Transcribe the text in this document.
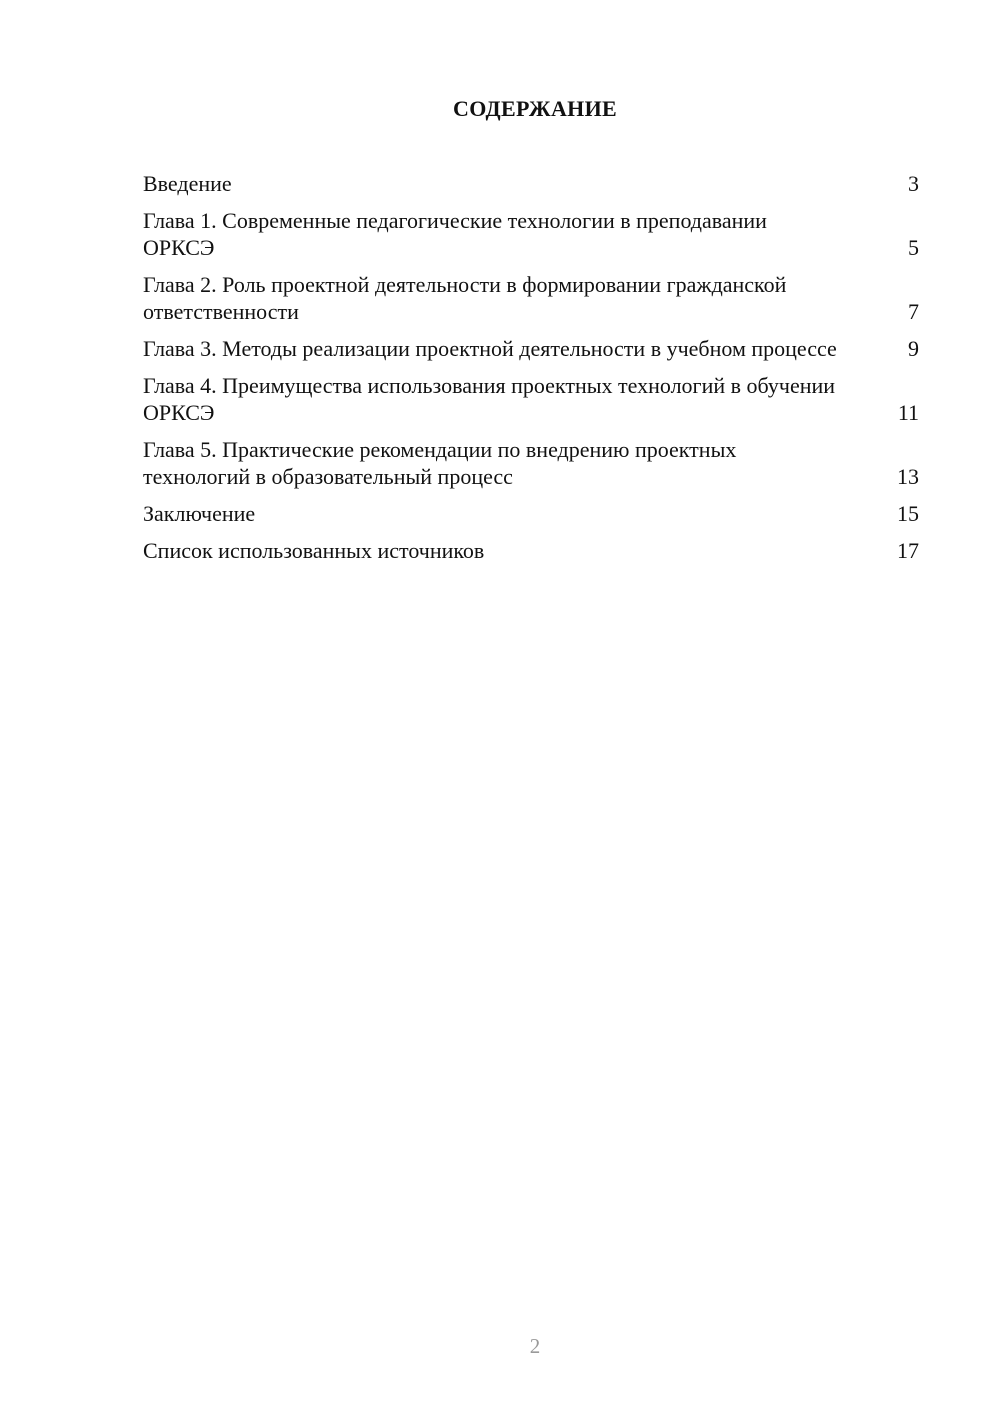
СОДЕРЖАНИЕ
Введение	3
Глава 1. Современные педагогические технологии в преподавании ОРКСЭ	5
Глава 2. Роль проектной деятельности в формировании гражданской ответственности	7
Глава 3. Методы реализации проектной деятельности в учебном процессе	9
Глава 4. Преимущества использования проектных технологий в обучении ОРКСЭ	11
Глава 5. Практические рекомендации по внедрению проектных технологий в образовательный процесс	13
Заключение	15
Список использованных источников	17
2
